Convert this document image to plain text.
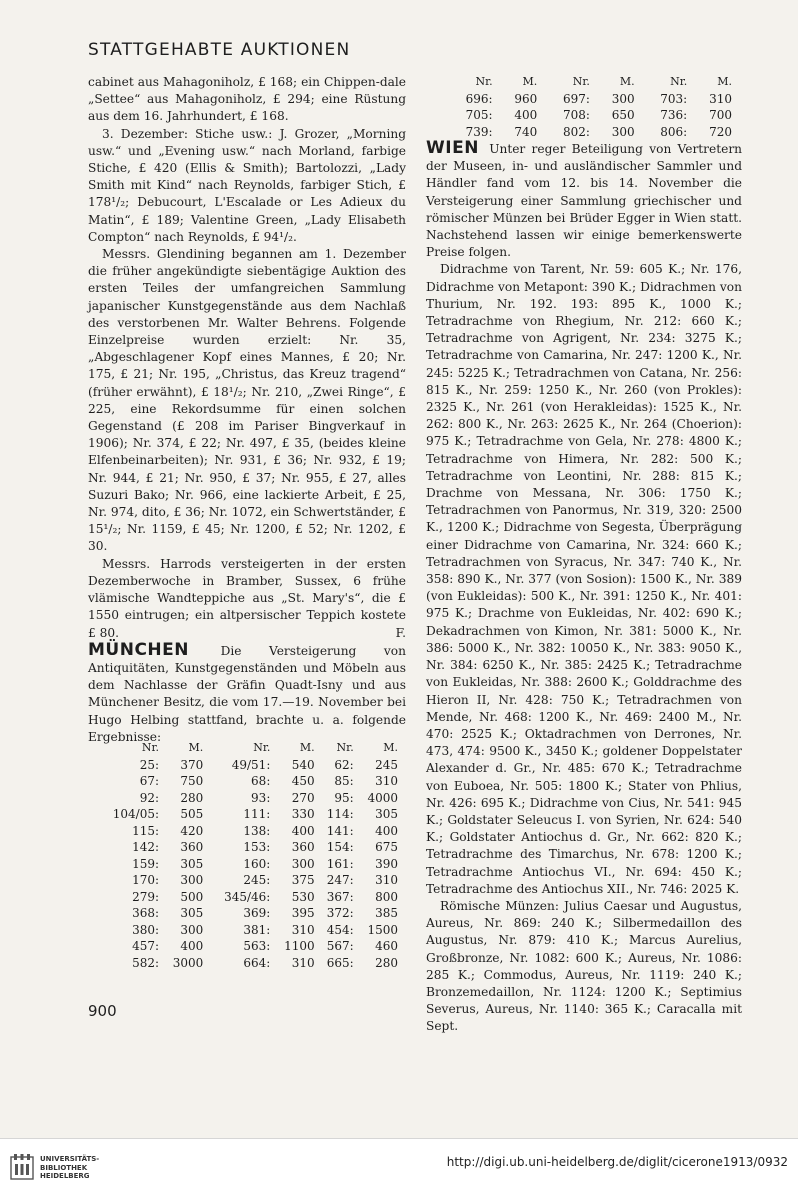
STATTGEHABTE AUKTIONEN

cabinet aus Mahagoniholz, £ 168; ein Chippen-dale „Settee“ aus Mahagoniholz, £ 294; eine Rüstung aus dem 16. Jahrhundert, £ 168.

3. Dezember: Stiche usw.: J. Grozer, „Morning usw.“ und „Evening usw.“ nach Morland, farbige Stiche, £ 420 (Ellis & Smith); Bartolozzi, „Lady Smith mit Kind“ nach Reynolds, farbiger Stich, £ 178¹/₂; Debucourt, L'Escalade or Les Adieux du Matin“, £ 189; Valentine Green, „Lady Elisabeth Compton“ nach Reynolds, £ 94¹/₂.

Messrs. Glendining begannen am 1. Dezember die früher angekündigte siebentägige Auktion des ersten Teiles der umfangreichen Sammlung japanischer Kunstgegenstände aus dem Nachlaß des verstorbenen Mr. Walter Behrens. Folgende Einzelpreise wurden erzielt: Nr. 35, „Abgeschlagener Kopf eines Mannes, £ 20; Nr. 175, £ 21; Nr. 195, „Christus, das Kreuz tragend“ (früher erwähnt), £ 18¹/₂; Nr. 210, „Zwei Ringe“, £ 225, eine Rekordsumme für einen solchen Gegenstand (£ 208 im Pariser Bingverkauf in 1906); Nr. 374, £ 22; Nr. 497, £ 35, (beides kleine Elfenbeinarbeiten); Nr. 931, £ 36; Nr. 932, £ 19; Nr. 944, £ 21; Nr. 950, £ 37; Nr. 955, £ 27, alles Suzuri Bako; Nr. 966, eine lackierte Arbeit, £ 25, Nr. 974, dito, £ 36; Nr. 1072, ein Schwertständer, £ 15¹/₂; Nr. 1159, £ 45; Nr. 1200, £ 52; Nr. 1202, £ 30.

Messrs. Harrods versteigerten in der ersten Dezemberwoche in Bramber, Sussex, 6 frühe vlämische Wandteppiche aus „St. Mary's“, die £ 1550 eintrugen; ein altpersischer Teppich kostete £ 80.	F.

MÜNCHEN	Die Versteigerung von Antiquitäten, Kunstgegenständen und Möbeln aus dem Nachlasse der Gräfin Quadt-Isny und aus Münchener Besitz, die vom 17.—19. November bei Hugo Helbing stattfand, brachte u. a. folgende Ergebnisse:

Nr.	M.	Nr.	M.	Nr.	M.
25:	370	49/51:	540	62:	245
67:	750	68:	450	85:	310
92:	280	93:	270	95:	4000
104/05:	505	111:	330	114:	305
115:	420	138:	400	141:	400
142:	360	153:	360	154:	675
159:	305	160:	300	161:	390
170:	300	245:	375	247:	310
279:	500	345/46:	530	367:	800
368:	305	369:	395	372:	385
380:	300	381:	310	454:	1500
457:	400	563:	1100	567:	460
582:	3000	664:	310	665:	280
Nr.	M.	Nr.	M.	Nr.	M.
696:	960	697:	300	703:	310
705:	400	708:	650	736:	700
739:	740	802:	300	806:	720

WIEN Unter reger Beteiligung von Vertretern der Museen, in- und ausländischer Sammler und Händler fand vom 12. bis 14. November die Versteigerung einer Sammlung griechischer und römischer Münzen bei Brüder Egger in Wien statt. Nachstehend lassen wir einige bemerkenswerte Preise folgen.

Didrachme von Tarent, Nr. 59: 605 K.; Nr. 176, Didrachme von Metapont: 390 K.; Didrachmen von Thurium, Nr. 192. 193: 895 K., 1000 K.; Tetradrachme von Rhegium, Nr. 212: 660 K.; Tetradrachme von Agrigent, Nr. 234: 3275 K.; Tetradrachme von Camarina, Nr. 247: 1200 K., Nr. 245: 5225 K.; Tetradrachmen von Catana, Nr. 256: 815 K., Nr. 259: 1250 K., Nr. 260 (von Prokles): 2325 K., Nr. 261 (von Herakleidas): 1525 K., Nr. 262: 800 K., Nr. 263: 2625 K., Nr. 264 (Choerion): 975 K.; Tetradrachme von Gela, Nr. 278: 4800 K.; Tetradrachme von Himera, Nr. 282: 500 K.; Tetradrachme von Leontini, Nr. 288: 815 K.; Drachme von Messana, Nr. 306: 1750 K.; Tetradrachmen von Panormus, Nr. 319, 320: 2500 K., 1200 K.; Didrachme von Segesta, Überprägung einer Didrachme von Camarina, Nr. 324: 660 K.; Tetradrachmen von Syracus, Nr. 347: 740 K., Nr. 358: 890 K., Nr. 377 (von Sosion): 1500 K., Nr. 389 (von Eukleidas): 500 K., Nr. 391: 1250 K., Nr. 401: 975 K.; Drachme von Eukleidas, Nr. 402: 690 K.; Dekadrachmen von Kimon, Nr. 381: 5000 K., Nr. 386: 5000 K., Nr. 382: 10050 K., Nr. 383: 9050 K., Nr. 384: 6250 K., Nr. 385: 2425 K.; Tetradrachme von Eukleidas, Nr. 388: 2600 K.; Golddrachme des Hieron II, Nr. 428: 750 K.; Tetradrachmen von Mende, Nr. 468: 1200 K., Nr. 469: 2400 M., Nr. 470: 2525 K.; Oktadrachmen von Derrones, Nr. 473, 474: 9500 K., 3450 K.; goldener Doppelstater Alexander d. Gr., Nr. 485: 670 K.; Tetradrachme von Euboea, Nr. 505: 1800 K.; Stater von Phlius, Nr. 426: 695 K.; Didrachme von Cius, Nr. 541: 945 K.; Goldstater Seleucus I. von Syrien, Nr. 624: 540 K.; Goldstater Antiochus d. Gr., Nr. 662: 820 K.; Tetradrachme des Timarchus, Nr. 678: 1200 K.; Tetradrachme Antiochus VI., Nr. 694: 450 K.; Tetradrachme des Antiochus XII., Nr. 746: 2025 K.

Römische Münzen: Julius Caesar und Augustus, Aureus, Nr. 869: 240 K.; Silbermedaillon des Augustus, Nr. 879: 410 K.; Marcus Aurelius, Großbronze, Nr. 1082: 600 K.; Aureus, Nr. 1086: 285 K.; Commodus, Aureus, Nr. 1119: 240 K.; Bronzemedaillon, Nr. 1124: 1200 K.; Septimius Severus, Aureus, Nr. 1140: 365 K.; Caracalla mit Sept.

900
UNIVERSITÄTS-
BIBLIOTHEK
HEIDELBERG
http://digi.ub.uni-heidelberg.de/diglit/cicerone1913/0932
